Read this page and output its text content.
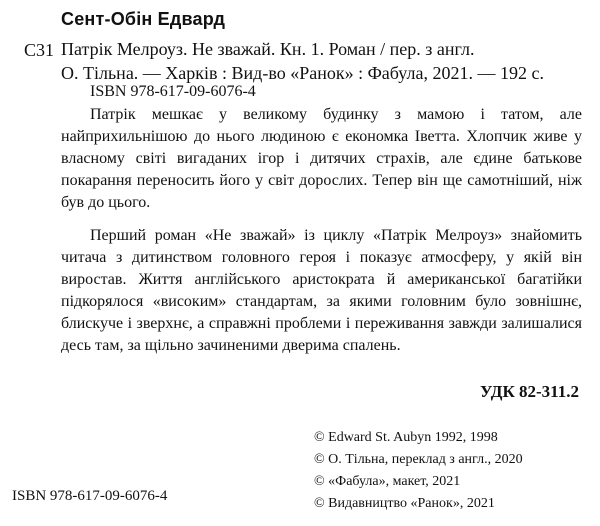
Сент-Обін Едвард
С31 Патрік Мелроуз. Не зважай. Кн. 1. Роман / пер. з англ.
О. Тільна. — Харків : Вид-во «Ранок» : Фабула, 2021. — 192 с.
ISBN 978-617-09-6076-4

Патрік мешкає у великому будинку з мамою і татом, але найприхильнішою до нього людиною є економка Іветта. Хлопчик живе у власному світі вигаданих ігор і дитячих страхів, але єдине батькове покарання переносить його у світ дорослих. Тепер він ще самотніший, ніж був до цього.

Перший роман «Не зважай» із циклу «Патрік Мелроуз» знайомить читача з дитинством головного героя і показує атмосферу, у якій він виростав. Життя англійського аристократа й американської багатійки підкорялося «високим» стандартам, за якими головним було зовнішнє, блискуче і зверхнє, а справжні проблеми і переживання завжди залишалися десь там, за щільно зачиненими дверима спалень.

УДК 82-311.2
© Edward St. Aubyn 1992, 1998
© О. Тільна, переклад з англ., 2020
© «Фабула», макет, 2021
© Видавництво «Ранок», 2021
ISBN 978-617-09-6076-4
